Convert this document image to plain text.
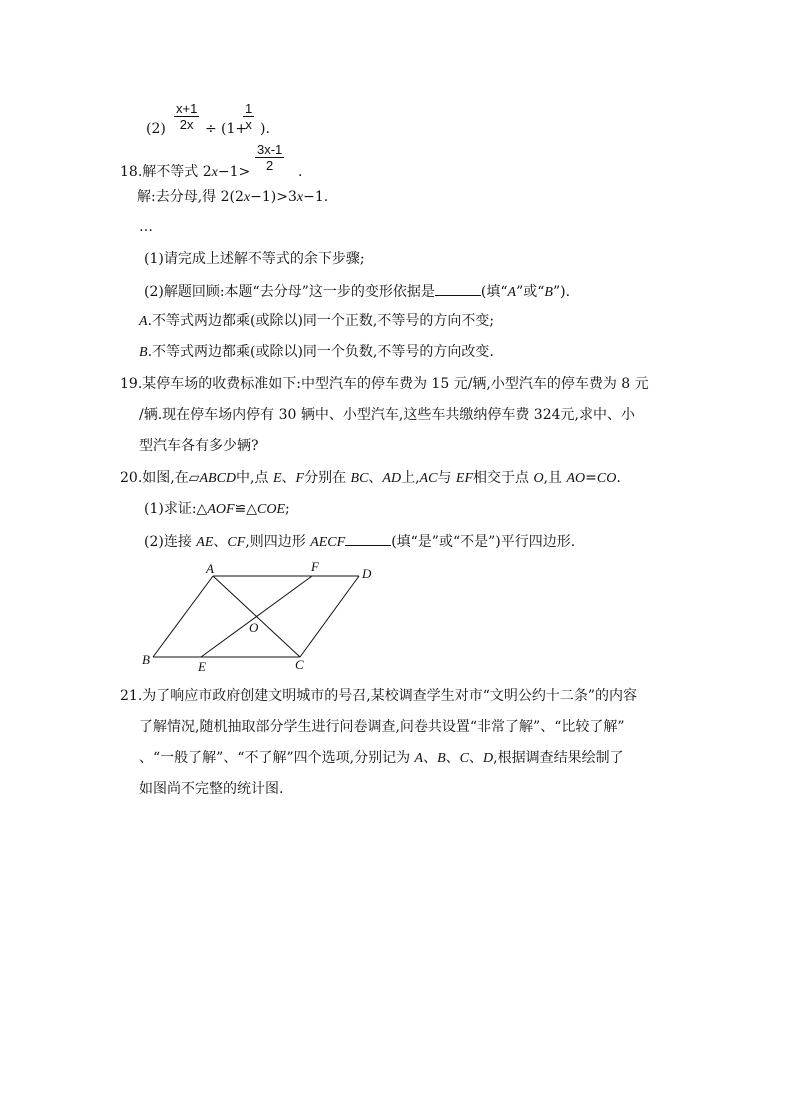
$(2) \frac{x+1}{2x} \div (1+$
$\frac{1}{x}$ ).
18.解不等式 $2x-1> \frac{3x-1}{2}$ .
解:去分母,得 2(2x−1)>3x−1.
…
(1)请完成上述解不等式的余下步骤;
(2)解题回顾:本题“去分母”这一步的变形依据是	(填“A”或“B”).
A.不等式两边都乘(或除以)同一个正数,不等号的方向不变;
B.不等式两边都乘(或除以)同一个负数,不等号的方向改变.
19.某停车场的收费标准如下:中型汽车的停车费为 15 元/辆,小型汽车的停车费为 8 元
/辆.现在停车场内停有 30 辆中、小型汽车,这些车共缴纳停车费 324元,求中、小
型汽车各有多少辆?
20.如图,在▱ABCD中,点 E、F分别在 BC、AD上,AC与 EF相交于点 O,且 AO=CO.
(1)求证:△AOF≌△COE;
(2)连接 AE、CF,则四边形 AECF	(填“是”或“不是”)平行四边形.
A	F	D
O
B	E	C
21.为了响应市政府创建文明城市的号召,某校调查学生对市“文明公约十二条”的内容
了解情况,随机抽取部分学生进行问卷调查,问卷共设置“非常了解”、“比较了解”
、“一般了解”、“不了解”四个选项,分别记为 A、B、C、D,根据调查结果绘制了
如图尚不完整的统计图.
